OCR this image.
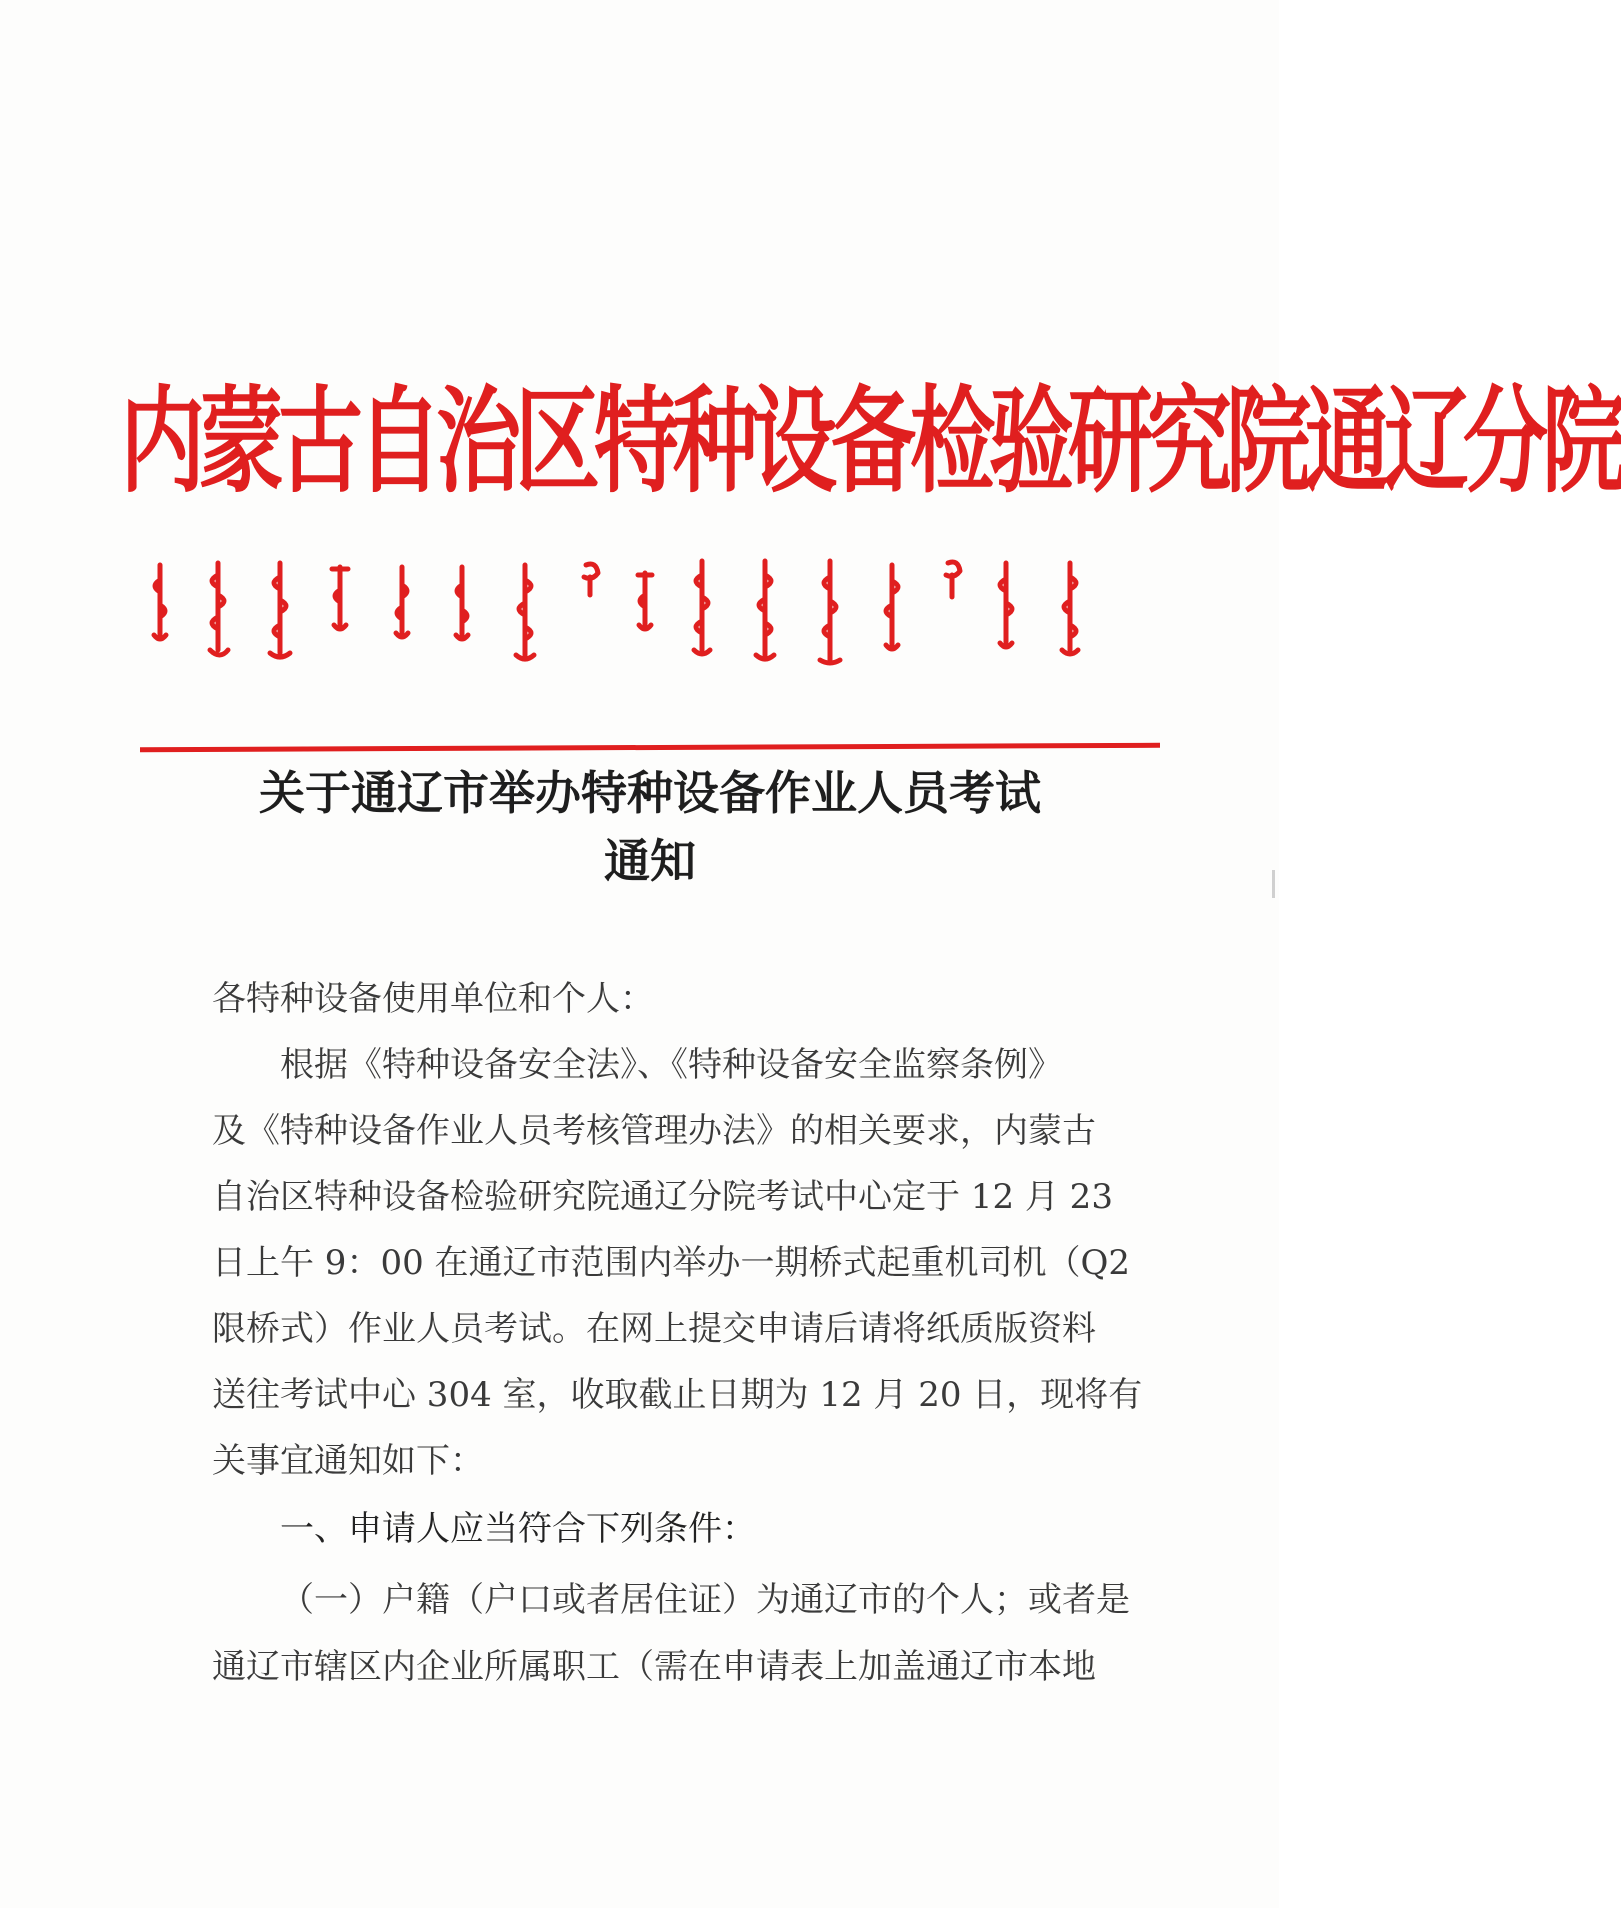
内蒙古自治区特种设备检验研究院通辽分院
关于通辽市举办特种设备作业人员考试
通知
各特种设备使用单位和个人：
根据《特种设备安全法》、《特种设备安全监察条例》
及《特种设备作业人员考核管理办法》的相关要求，内蒙古
自治区特种设备检验研究院通辽分院考试中心定于 12 月 23
日上午 9：00 在通辽市范围内举办一期桥式起重机司机（Q2
限桥式）作业人员考试。在网上提交申请后请将纸质版资料
送往考试中心 304 室，收取截止日期为 12 月 20 日，现将有
关事宜通知如下：
一、申请人应当符合下列条件：
（一）户籍（户口或者居住证）为通辽市的个人；或者是
通辽市辖区内企业所属职工（需在申请表上加盖通辽市本地
